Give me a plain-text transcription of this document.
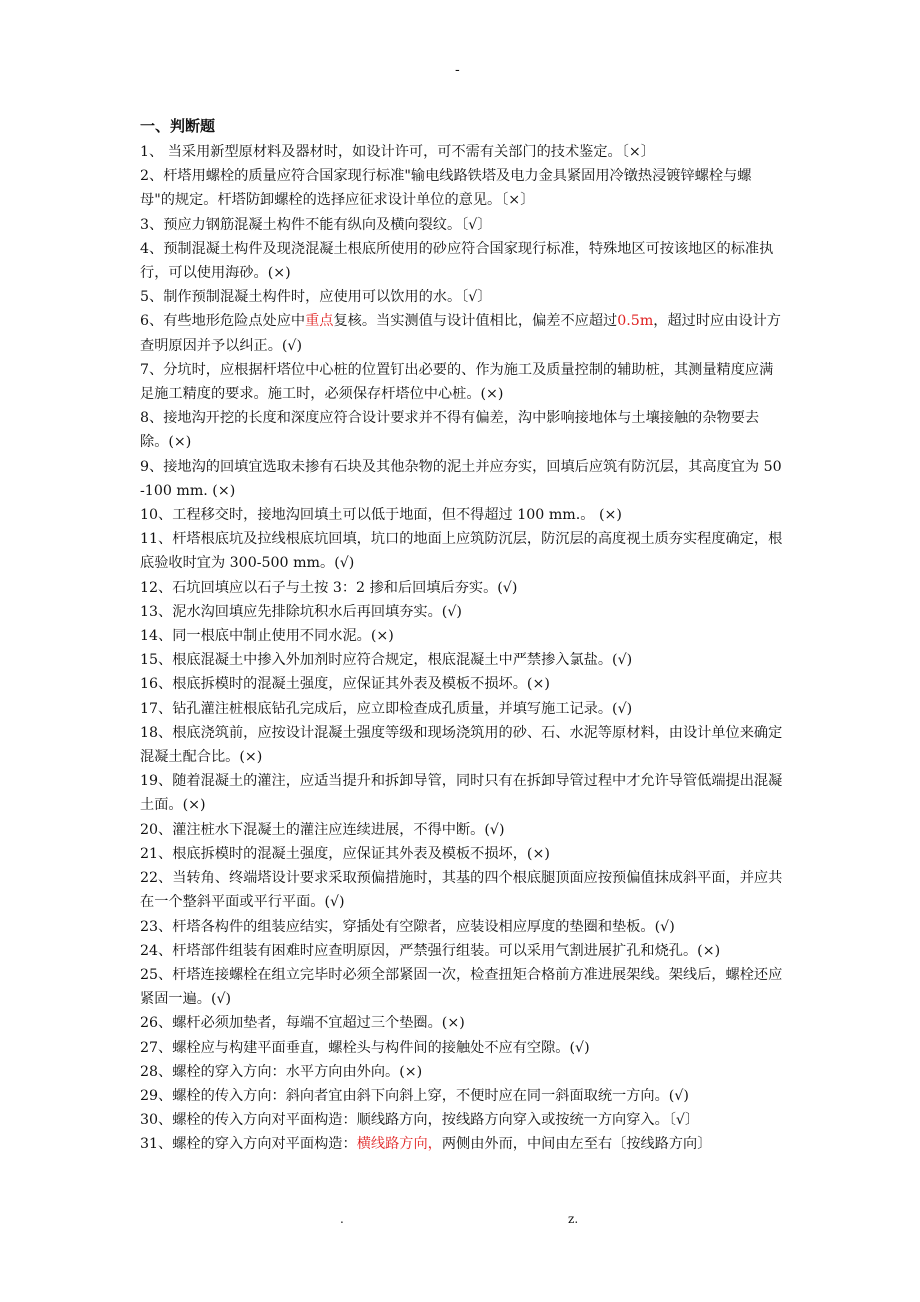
-
一、判断题

1、 当采用新型原材料及器材时，如设计许可，可不需有关部门的技术鉴定。〔×〕

2、杆塔用螺栓的质量应符合国家现行标准"输电线路铁塔及电力金具紧固用冷镦热浸镀锌螺栓与螺母"的规定。杆塔防卸螺栓的选择应征求设计单位的意见。〔×〕

3、预应力钢筋混凝土构件不能有纵向及横向裂纹。〔√〕

4、预制混凝土构件及现浇混凝土根底所使用的砂应符合国家现行标准，特殊地区可按该地区的标准执行，可以使用海砂。(×)

5、制作预制混凝土构件时，应使用可以饮用的水。〔√〕

6、有些地形危险点处应中重点复核。当实测值与设计值相比，偏差不应超过0.5m，超过时应由设计方查明原因并予以纠正。(√)

7、分坑时，应根据杆塔位中心桩的位置钉出必要的、作为施工及质量控制的辅助桩，其测量精度应满足施工精度的要求。施工时，必须保存杆塔位中心桩。(×)

8、接地沟开挖的长度和深度应符合设计要求并不得有偏差，沟中影响接地体与土壤接触的杂物要去除。(×)

9、接地沟的回填宜选取未掺有石块及其他杂物的泥土并应夯实，回填后应筑有防沉层，其高度宜为 50-100 mm. (×)

10、工程移交时，接地沟回填土可以低于地面，但不得超过 100 mm.。 (×)

11、杆塔根底坑及拉线根底坑回填，坑口的地面上应筑防沉层，防沉层的高度视土质夯实程度确定，根底验收时宜为 300-500 mm。(√)

12、石坑回填应以石子与土按 3：2 掺和后回填后夯实。(√)

13、泥水沟回填应先排除坑积水后再回填夯实。(√)

14、同一根底中制止使用不同水泥。(×)

15、根底混凝土中掺入外加剂时应符合规定，根底混凝土中严禁掺入氯盐。(√)

16、根底拆模时的混凝土强度，应保证其外表及模板不损坏。(×)

17、钻孔灌注桩根底钻孔完成后，应立即检查成孔质量，并填写施工记录。(√)

18、根底浇筑前，应按设计混凝土强度等级和现场浇筑用的砂、石、水泥等原材料，由设计单位来确定混凝土配合比。(×)

19、随着混凝土的灌注，应适当提升和拆卸导管，同时只有在拆卸导管过程中才允许导管低端提出混凝土面。(×)

20、灌注桩水下混凝土的灌注应连续进展，不得中断。(√)

21、根底拆模时的混凝土强度，应保证其外表及模板不损坏，(×)

22、当转角、终端塔设计要求采取预偏措施时，其基的四个根底腿顶面应按预偏值抹成斜平面，并应共在一个整斜平面或平行平面。(√)

23、杆塔各构件的组装应结实，穿插处有空隙者，应装设相应厚度的垫圈和垫板。(√)

24、杆塔部件组装有困难时应查明原因，严禁强行组装。可以采用气割进展扩孔和烧孔。(×)

25、杆塔连接螺栓在组立完毕时必须全部紧固一次，检查扭矩合格前方准进展架线。架线后，螺栓还应紧固一遍。(√)

26、螺杆必须加垫者，每端不宜超过三个垫圈。(×)

27、螺栓应与构建平面垂直，螺栓头与构件间的接触处不应有空隙。(√)

28、螺栓的穿入方向：水平方向由外向。(×)

29、螺栓的传入方向：斜向者宜由斜下向斜上穿，不便时应在同一斜面取统一方向。(√)

30、螺栓的传入方向对平面构造：顺线路方向，按线路方向穿入或按统一方向穿入。〔√〕

31、螺栓的穿入方向对平面构造：横线路方向，两侧由外而，中间由左至右〔按线路方向〕

.	z.
